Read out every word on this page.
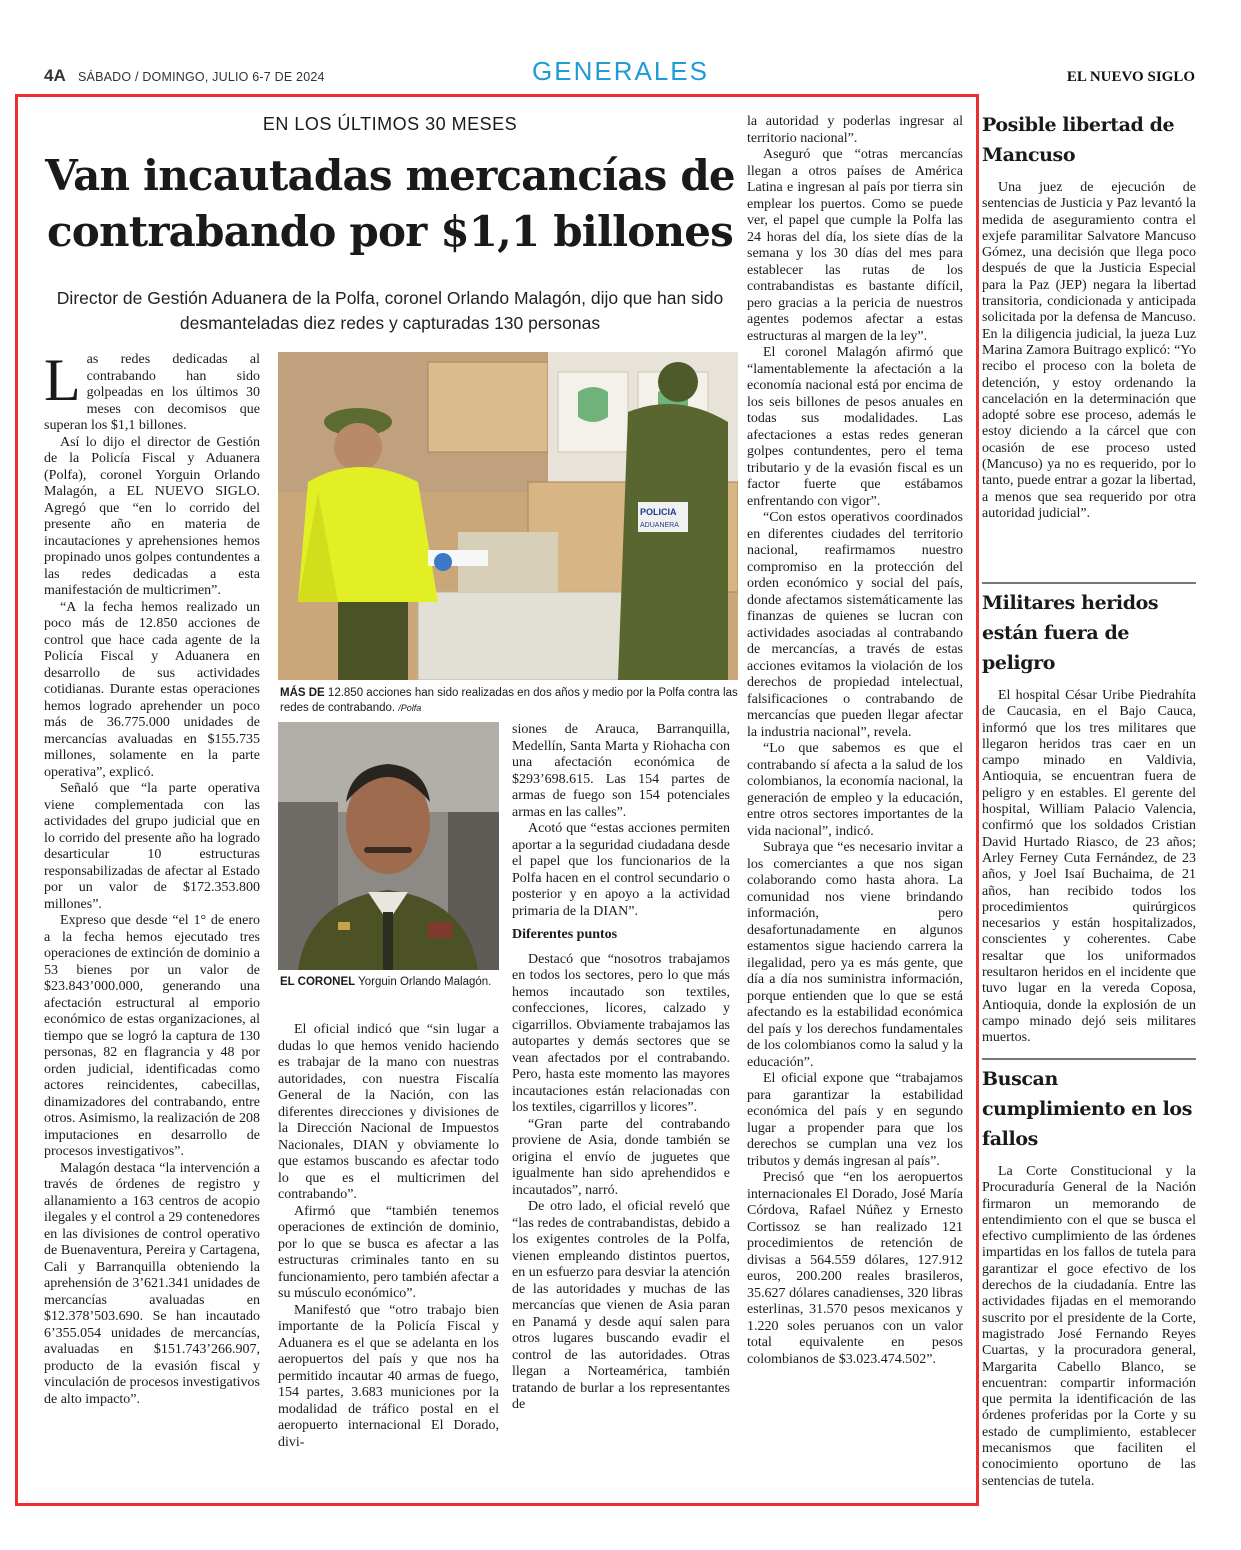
4A SÁBADO / DOMINGO, JULIO 6-7 DE 2024	GENERALES	EL NUEVO SIGLO
EN LOS ÚLTIMOS 30 MESES
Van incautadas mercancías de contrabando por $1,1 billones
Director de Gestión Aduanera de la Polfa, coronel Orlando Malagón, dijo que han sido desmanteladas diez redes y capturadas 130 personas

Las redes dedicadas al contrabando han sido golpeadas en los últimos 30 meses con decomisos que superan los $1,1 billones.

Así lo dijo el director de Gestión de la Policía Fiscal y Aduanera (Polfa), coronel Yorguin Orlando Malagón, a EL NUEVO SIGLO. Agregó que “en lo corrido del presente año en materia de incautaciones y aprehensiones hemos propinado unos golpes contundentes a las redes dedicadas a esta manifestación de multicrimen”.

“A la fecha hemos realizado un poco más de 12.850 acciones de control que hace cada agente de la Policía Fiscal y Aduanera en desarrollo de sus actividades cotidianas. Durante estas operaciones hemos logrado aprehender un poco más de 36.775.000 unidades de mercancías avaluadas en $155.735 millones, solamente en la parte operativa”, explicó.

Señaló que “la parte operativa viene complementada con las actividades del grupo judicial que en lo corrido del presente año ha logrado desarticular 10 estructuras responsabilizadas de afectar al Estado por un valor de $172.353.800 millones”.

Expreso que desde “el 1° de enero a la fecha hemos ejecutado tres operaciones de extinción de dominio a 53 bienes por un valor de $23.843’000.000, generando una afectación estructural al emporio económico de estas organizaciones, al tiempo que se logró la captura de 130 personas, 82 en flagrancia y 48 por orden judicial, identificadas como actores reincidentes, cabecillas, dinamizadores del contrabando, entre otros. Asimismo, la realización de 208 imputaciones en desarrollo de procesos investigativos”.

Malagón destaca “la intervención a través de órdenes de registro y allanamiento a 163 centros de acopio ilegales y el control a 29 contenedores en las divisiones de control operativo de Buenaventura, Pereira y Cartagena, Cali y Barranquilla obteniendo la aprehensión de 3’621.341 unidades de mercancías avaluadas en $12.378’503.690. Se han incautado 6’355.054 unidades de mercancías, avaluadas en $151.743’266.907, producto de la evasión fiscal y vinculación de procesos investigativos de alto impacto”.

POLICIA
ADUANERA
MÁS DE 12.850 acciones han sido realizadas en dos años y medio por la Polfa contra las redes de contrabando. /Polfa
EL CORONEL Yorguin Orlando Malagón.

El oficial indicó que “sin lugar a dudas lo que hemos venido haciendo es trabajar de la mano con nuestras autoridades, con nuestra Fiscalía General de la Nación, con las diferentes direcciones y divisiones de la Dirección Nacional de Impuestos Nacionales, DIAN y obviamente lo que estamos buscando es afectar todo lo que es el multicrimen del contrabando”.

Afirmó que “también tenemos operaciones de extinción de dominio, por lo que se busca es afectar a las estructuras criminales tanto en su funcionamiento, pero también afectar a su músculo económico”.

Manifestó que “otro trabajo bien importante de la Policía Fiscal y Aduanera es el que se adelanta en los aeropuertos del país y que nos ha permitido incautar 40 armas de fuego, 154 partes, 3.683 municiones por la modalidad de tráfico postal en el aeropuerto internacional El Dorado, divi-

siones de Arauca, Barranquilla, Medellín, Santa Marta y Riohacha con una afectación económica de $293’698.615. Las 154 partes de armas de fuego son 154 potenciales armas en las calles”.

Acotó que “estas acciones permiten aportar a la seguridad ciudadana desde el papel que los funcionarios de la Polfa hacen en el control secundario o posterior y en apoyo a la actividad primaria de la DIAN”.

Diferentes puntos

Destacó que “nosotros trabajamos en todos los sectores, pero lo que más hemos incautado son textiles, confecciones, licores, calzado y cigarrillos. Obviamente trabajamos las autopartes y demás sectores que se vean afectados por el contrabando. Pero, hasta este momento las mayores incautaciones están relacionadas con los textiles, cigarrillos y licores”.

“Gran parte del contrabando proviene de Asia, donde también se origina el envío de juguetes que igualmente han sido aprehendidos e incautados”, narró.

De otro lado, el oficial reveló que “las redes de contrabandistas, debido a los exigentes controles de la Polfa, vienen empleando distintos puertos, en un esfuerzo para desviar la atención de las autoridades y muchas de las mercancías que vienen de Asia paran en Panamá y desde aquí salen para otros lugares buscando evadir el control de las autoridades. Otras llegan a Norteamérica, también tratando de burlar a los representantes de

la autoridad y poderlas ingresar al territorio nacional”.

Aseguró que “otras mercancías llegan a otros países de América Latina e ingresan al país por tierra sin emplear los puertos. Como se puede ver, el papel que cumple la Polfa las 24 horas del día, los siete días de la semana y los 30 días del mes para establecer las rutas de los contrabandistas es bastante difícil, pero gracias a la pericia de nuestros agentes podemos afectar a estas estructuras al margen de la ley”.

El coronel Malagón afirmó que “lamentablemente la afectación a la economía nacional está por encima de los seis billones de pesos anuales en todas sus modalidades. Las afectaciones a estas redes generan golpes contundentes, pero el tema tributario y de la evasión fiscal es un factor fuerte que estábamos enfrentando con vigor”.

“Con estos operativos coordinados en diferentes ciudades del territorio nacional, reafirmamos nuestro compromiso en la protección del orden económico y social del país, donde afectamos sistemáticamente las finanzas de quienes se lucran con actividades asociadas al contrabando de mercancías, a través de estas acciones evitamos la violación de los derechos de propiedad intelectual, falsificaciones o contrabando de mercancías que pueden llegar afectar la industria nacional”, revela.

“Lo que sabemos es que el contrabando sí afecta a la salud de los colombianos, la economía nacional, la generación de empleo y la educación, entre otros sectores importantes de la vida nacional”, indicó.

Subraya que “es necesario invitar a los comerciantes a que nos sigan colaborando como hasta ahora. La comunidad nos viene brindando información, pero desafortunadamente en algunos estamentos sigue haciendo carrera la ilegalidad, pero ya es más gente, que día a día nos suministra información, porque entienden que lo que se está afectando es la estabilidad económica del país y los derechos fundamentales de los colombianos como la salud y la educación”.

El oficial expone que “trabajamos para garantizar la estabilidad económica del país y en segundo lugar a propender para que los derechos se cumplan una vez los tributos y demás ingresan al país”.

Precisó que “en los aeropuertos internacionales El Dorado, José María Córdova, Rafael Núñez y Ernesto Cortissoz se han realizado 121 procedimientos de retención de divisas a 564.559 dólares, 127.912 euros, 200.200 reales brasileros, 35.627 dólares canadienses, 320 libras esterlinas, 31.570 pesos mexicanos y 1.220 soles peruanos con un valor total equivalente en pesos colombianos de $3.023.474.502”.

Posible libertad de Mancuso

Una juez de ejecución de sentencias de Justicia y Paz levantó la medida de aseguramiento contra el exjefe paramilitar Salvatore Mancuso Gómez, una decisión que llega poco después de que la Justicia Especial para la Paz (JEP) negara la libertad transitoria, condicionada y anticipada solicitada por la defensa de Mancuso. En la diligencia judicial, la jueza Luz Marina Zamora Buitrago explicó: “Yo recibo el proceso con la boleta de detención, y estoy ordenando la cancelación en la determinación que adopté sobre ese proceso, además le estoy diciendo a la cárcel que con ocasión de ese proceso usted (Mancuso) ya no es requerido, por lo tanto, puede entrar a gozar la libertad, a menos que sea requerido por otra autoridad judicial”.

Militares heridos están fuera de peligro

El hospital César Uribe Piedrahíta de Caucasia, en el Bajo Cauca, informó que los tres militares que llegaron heridos tras caer en un campo minado en Valdivia, Antioquia, se encuentran fuera de peligro y en estables. El gerente del hospital, William Palacio Valencia, confirmó que los soldados Cristian David Hurtado Riasco, de 23 años; Arley Ferney Cuta Fernández, de 23 años, y Joel Isaí Buchaima, de 21 años, han recibido todos los procedimientos quirúrgicos necesarios y están hospitalizados, conscientes y coherentes. Cabe resaltar que los uniformados resultaron heridos en el incidente que tuvo lugar en la vereda Coposa, Antioquia, donde la explosión de un campo minado dejó seis militares muertos.

Buscan cumplimiento en los fallos

La Corte Constitucional y la Procuraduría General de la Nación firmaron un memorando de entendimiento con el que se busca el efectivo cumplimiento de las órdenes impartidas en los fallos de tutela para garantizar el goce efectivo de los derechos de la ciudadanía. Entre las actividades fijadas en el memorando suscrito por el presidente de la Corte, magistrado José Fernando Reyes Cuartas, y la procuradora general, Margarita Cabello Blanco, se encuentran: compartir información que permita la identificación de las órdenes proferidas por la Corte y su estado de cumplimiento, establecer mecanismos que faciliten el conocimiento oportuno de las sentencias de tutela.
